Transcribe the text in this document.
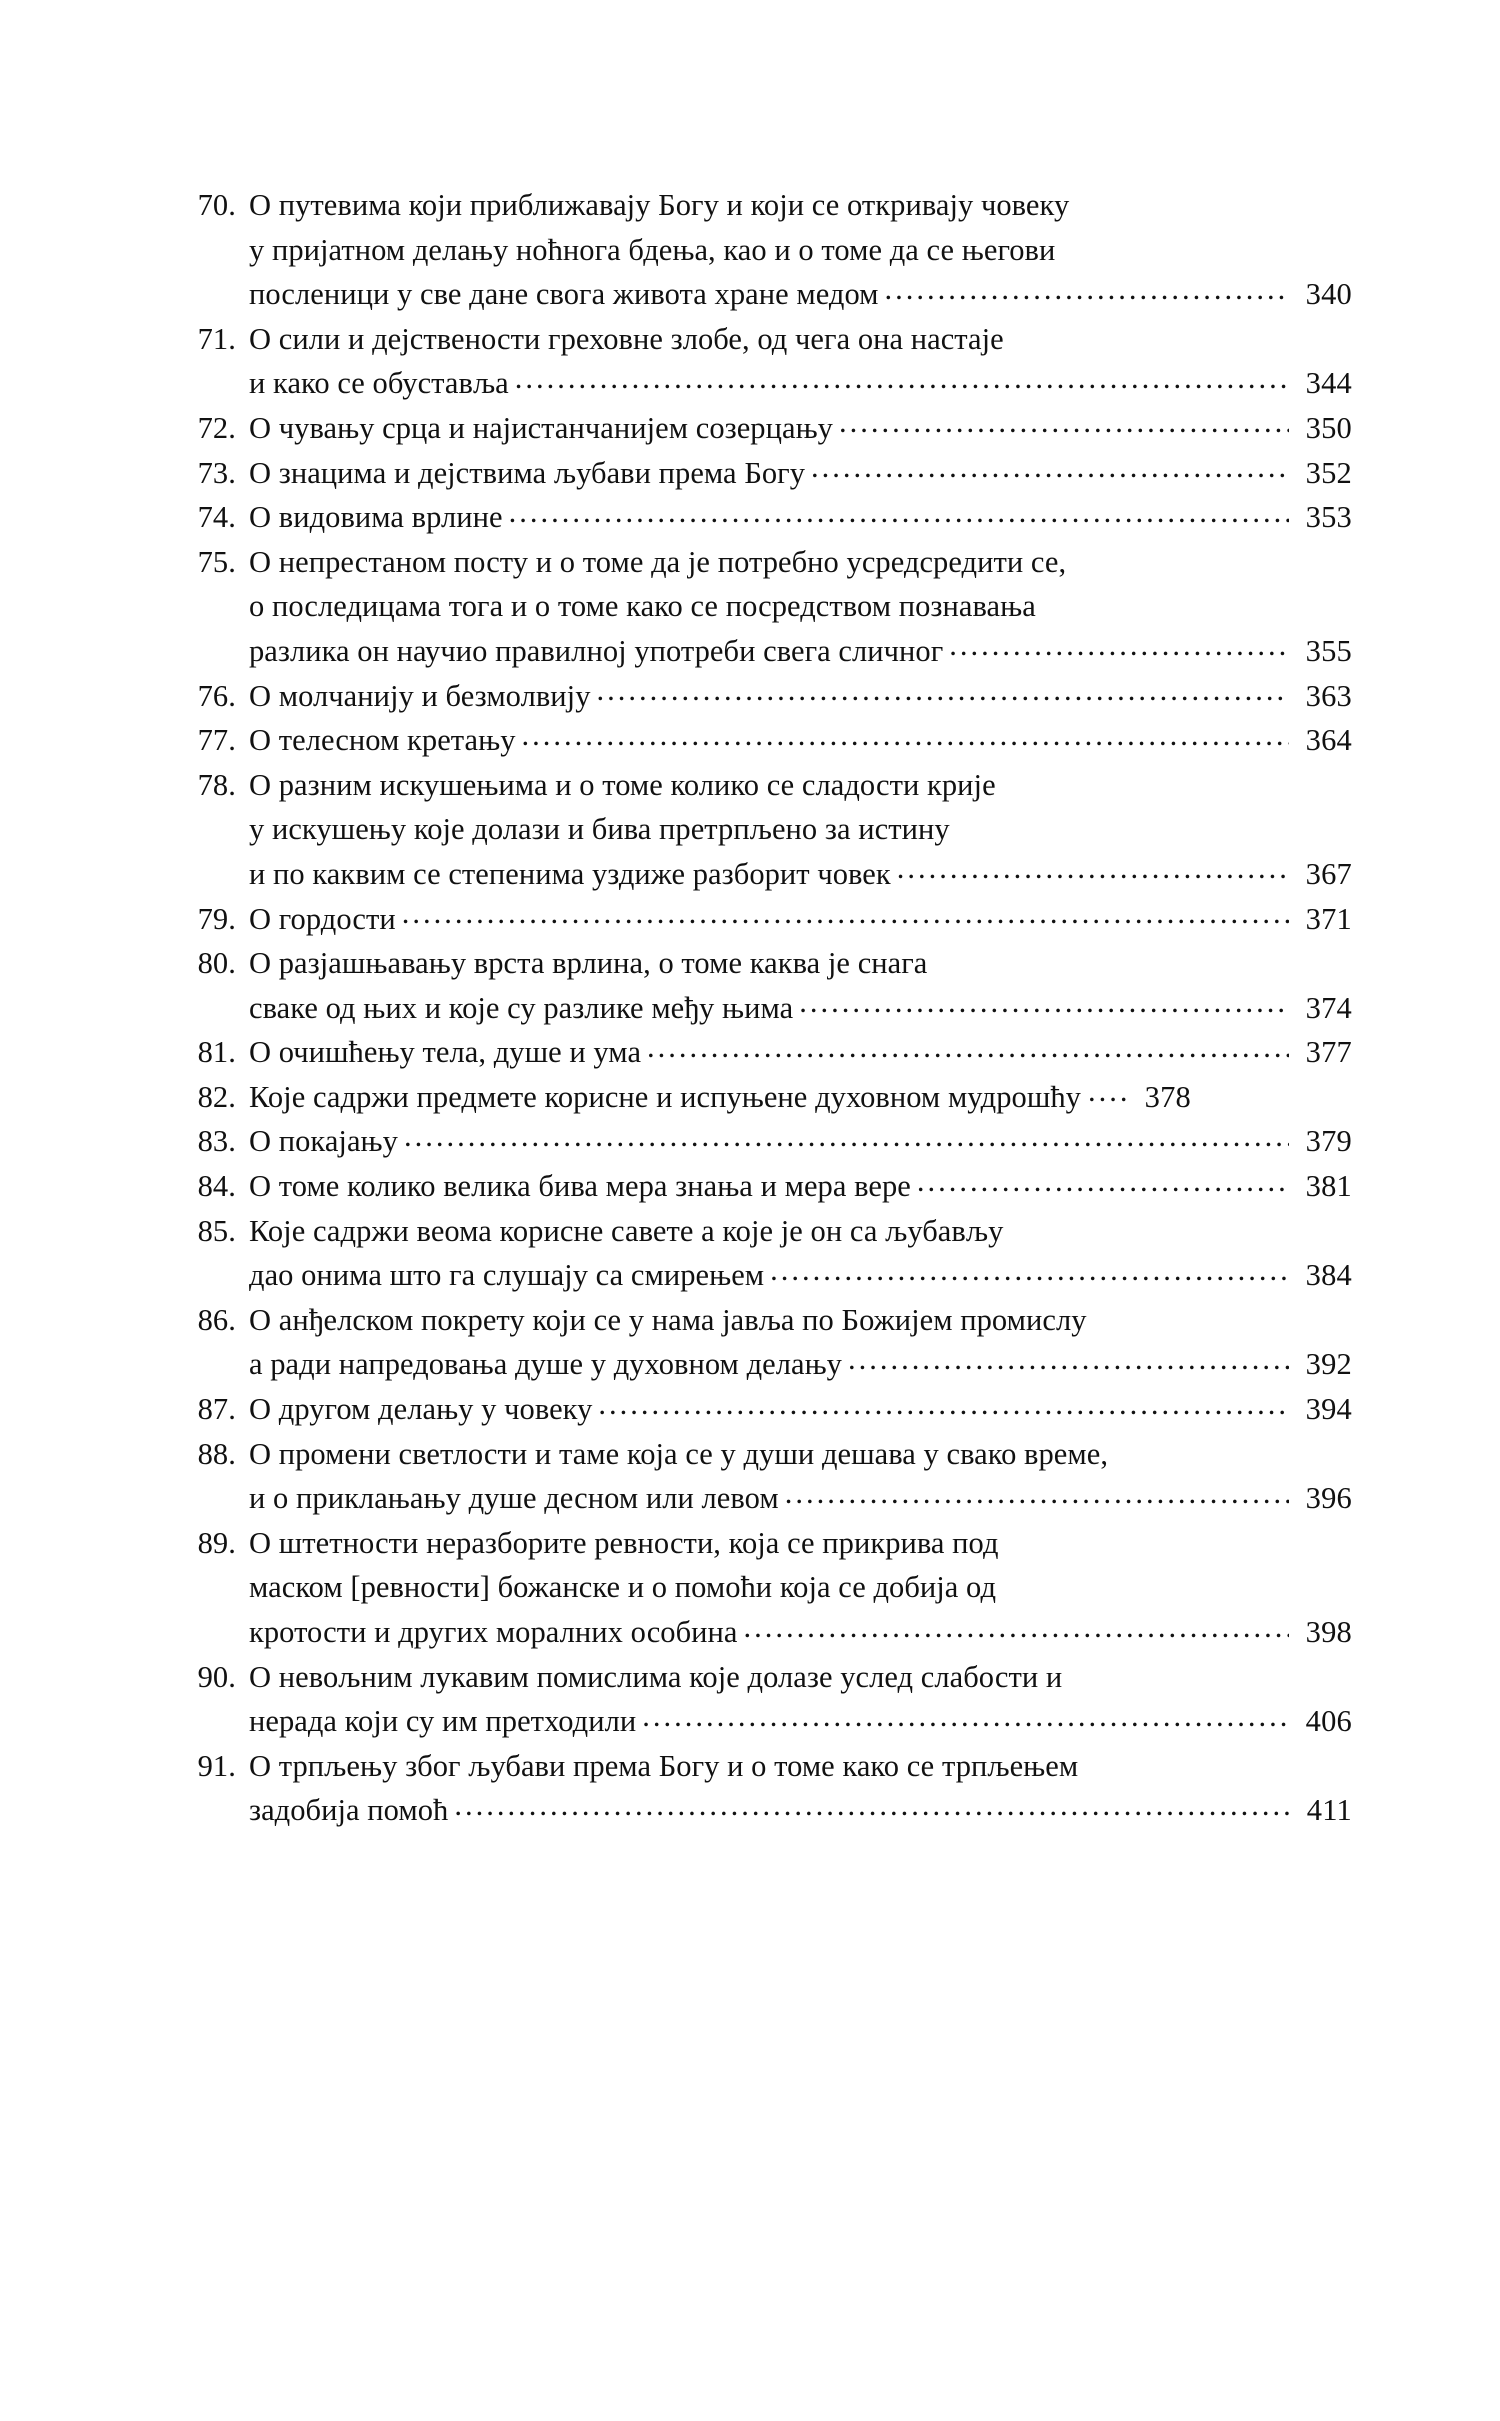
70. О путевима који приближавају Богу и који се откривају човеку
у пријатном делању ноћнога бдења, као и о томе да се његови
посленици у све дане свога живота хране медом .....	340
71. О сили и дејствености греховне злобе, од чега она настаје
и како се обуставља .....	344
72. О чувању срца и најистанчанијем созерцању .....	350
73. О знацима и дејствима љубави према Богу .....	352
74. О видовима врлине .....	353
75. О непрестаном посту и о томе да је потребно усредсредити се,
о последицама тога и о томе како се посредством познавања
разлика он научио правилној употреби свега сличног .....	355
76. О молчанију и безмолвију .....	363
77. О телесном кретању .....	364
78. О разним искушењима и о томе колико се сладости крије
у искушењу које долази и бива претрпљено за истину
и по каквим се степенима уздиже разборит човек .....	367
79. О гордости .....	371
80. О разјашњавању врста врлина, о томе каква је снага
сваке од њих и које су разлике међу њима .....	374
81. О очишћењу тела, душе и ума .....	377
82. Које садржи предмете корисне и испуњене духовном мудрошћу .....	378
83. О покајању .....	379
84. О томе колико велика бива мера знања и мера вере .....	381
85. Које садржи веома корисне савете а које је он са љубављу
дао онима што га слушају са смирењем .....	384
86. О анђелском покрету који се у нама јавља по Божијем промислу
а ради напредовања душе у духовном делању .....	392
87. О другом делању у човеку .....	394
88. О промени светлости и таме која се у души дешава у свако време,
и о приклањању душе десном или левом .....	396
89. О штетности неразборите ревности, која се прикрива под
маском [ревности] божанске и о помоћи која се добија од
кротости и других моралних особина .....	398
90. О невољним лукавим помислима које долазе услед слабости и
нерада који су им претходили .....	406
91. О трпљењу због љубави према Богу и о томе како се трпљењем
задобија помоћ .....	411
